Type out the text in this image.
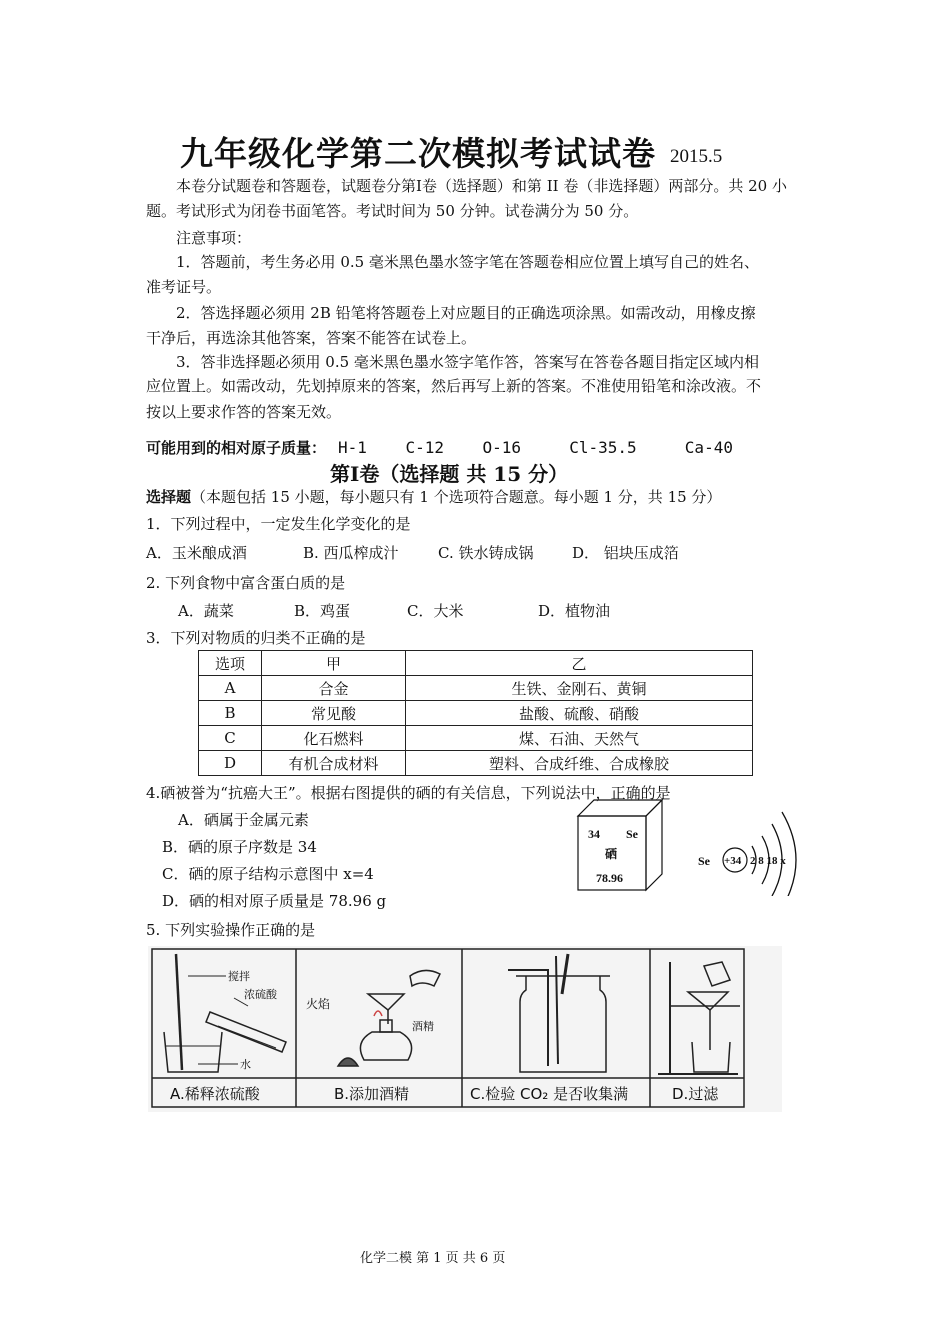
九年级化学第二次模拟考试试卷 2015.5
本卷分试题卷和答题卷，试题卷分第I卷（选择题）和第 II 卷（非选择题）两部分。共 20 小
题。考试形式为闭卷书面笔答。考试时间为 50 分钟。试卷满分为 50 分。
注意事项：
1．答题前，考生务必用 0.5 毫米黑色墨水签字笔在答题卷相应位置上填写自己的姓名、
准考证号。
2．答选择题必须用 2B 铅笔将答题卷上对应题目的正确选项涂黑。如需改动，用橡皮擦
干净后，再选涂其他答案，答案不能答在试卷上。
3．答非选择题必须用 0.5 毫米黑色墨水签字笔作答，答案写在答卷各题目指定区域内相
应位置上。如需改动，先划掉原来的答案，然后再写上新的答案。不准使用铅笔和涂改液。不
按以上要求作答的答案无效。
可能用到的相对原子质量： H-1    C-12    O-16     Cl-35.5     Ca-40
第Ⅰ卷（选择题 共 15 分）
选择题（本题包括 15 小题，每小题只有 1 个选项符合题意。每小题 1 分，共 15 分）
1．下列过程中，一定发生化学变化的是
A．玉米酿成酒	B. 西瓜榨成汁	C. 铁水铸成锅	D． 铝块压成箔
2. 下列食物中富含蛋白质的是
A．蔬菜	B．鸡蛋	C．大米	D．植物油
3．下列对物质的归类不正确的是
选项	甲	乙
A	合金	生铁、金刚石、黄铜
B	常见酸	盐酸、硫酸、硝酸
C	化石燃料	煤、石油、天然气
D	有机合成材料	塑料、合成纤维、合成橡胶
4.硒被誉为“抗癌大王”。根据右图提供的硒的有关信息，下列说法中，正确的是
A．硒属于金属元素
B．硒的原子序数是 34
C．硒的原子结构示意图中 x=4
D．硒的相对原子质量是 78.96 g
34 Se
硒
78.96
Se +34 2 8 18 x
5. 下列实验操作正确的是
搅拌
浓硫酸
水
火焰
酒精
A.稀释浓硫酸	B.添加酒精	C.检验 CO₂ 是否收集满	D.过滤
化学二模 第 1 页 共 6 页
